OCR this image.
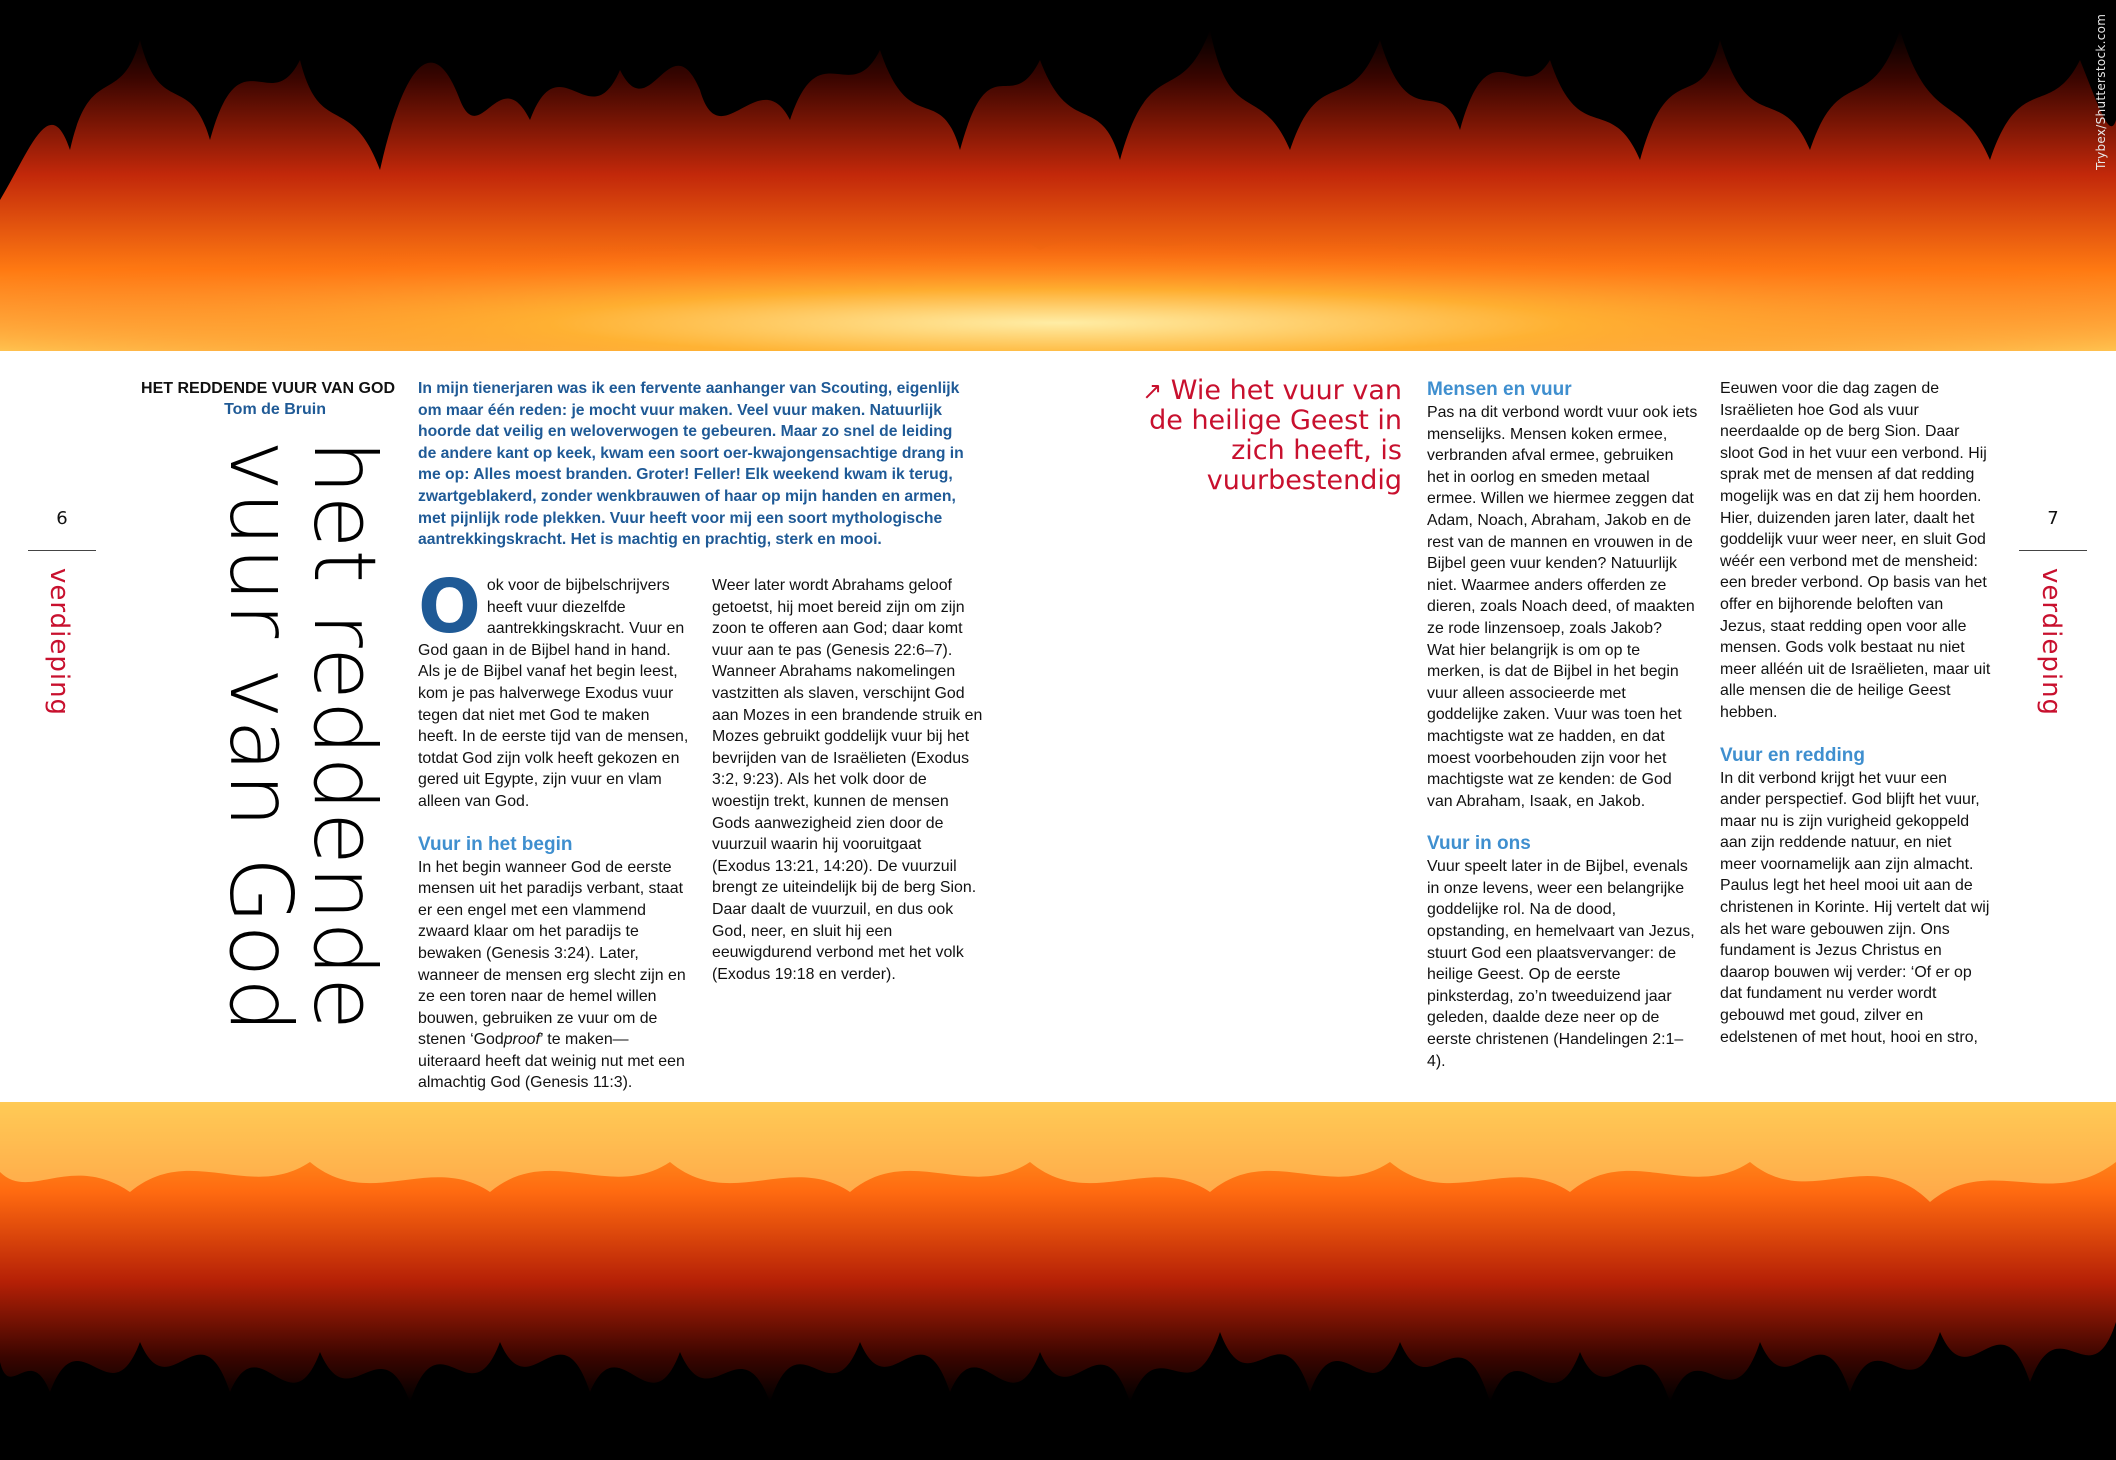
Trybex/Shutterstock.com
6
verdieping
HET REDDENDE VUUR VAN GOD
Tom de Bruin
het reddende
vuur van God
In mijn tienerjaren was ik een fervente aanhanger van Scouting, eigenlijk om maar één reden: je mocht vuur maken. Veel vuur maken. Natuurlijk hoorde dat veilig en weloverwogen te gebeuren. Maar zo snel de leiding de andere kant op keek, kwam een soort oer-kwajongensachtige drang in me op: Alles moest branden. Groter! Feller! Elk weekend kwam ik terug, zwartgeblakerd, zonder wenkbrauwen of haar op mijn handen en armen, met pijnlijk rode plekken. Vuur heeft voor mij een soort mythologische aantrekkingskracht. Het is machtig en prachtig, sterk en mooi.

Ook voor de bijbelschrijvers heeft vuur diezelfde aantrekkingskracht. Vuur en God gaan in de Bijbel hand in hand. Als je de Bijbel vanaf het begin leest, kom je pas halverwege Exodus vuur tegen dat niet met God te maken heeft. In de eerste tijd van de mensen, totdat God zijn volk heeft gekozen en gered uit Egypte, zijn vuur en vlam alleen van God.

Vuur in het begin

In het begin wanneer God de eerste mensen uit het paradijs verbant, staat er een engel met een vlammend zwaard klaar om het paradijs te bewaken (Genesis 3:24). Later, wanneer de mensen erg slecht zijn en ze een toren naar de hemel willen bouwen, gebruiken ze vuur om de stenen ‘Godproof’ te maken—uiteraard heeft dat weinig nut met een almachtig God (Genesis 11:3).

Weer later wordt Abrahams geloof getoetst, hij moet bereid zijn om zijn zoon te offeren aan God; daar komt vuur aan te pas (Genesis 22:6–7).

Wanneer Abrahams nakomelingen vastzitten als slaven, verschijnt God aan Mozes in een brandende struik en Mozes gebruikt goddelijk vuur bij het bevrijden van de Israëlieten (Exodus 3:2, 9:23). Als het volk door de woestijn trekt, kunnen de mensen Gods aanwezigheid zien door de vuurzuil waarin hij vooruitgaat (Exodus 13:21, 14:20). De vuurzuil brengt ze uiteindelijk bij de berg Sion. Daar daalt de vuurzuil, en dus ook God, neer, en sluit hij een eeuwigdurend verbond met het volk (Exodus 19:18 en verder).

↗ Wie het vuur van de heilige Geest in zich heeft, is vuurbestendig
Mensen en vuur

Pas na dit verbond wordt vuur ook iets menselijks. Mensen koken ermee, verbranden afval ermee, gebruiken het in oorlog en smeden metaal ermee. Willen we hiermee zeggen dat Adam, Noach, Abraham, Jakob en de rest van de mannen en vrouwen in de Bijbel geen vuur kenden? Natuurlijk niet. Waarmee anders offerden ze dieren, zoals Noach deed, of maakten ze rode linzensoep, zoals Jakob?

Wat hier belangrijk is om op te merken, is dat de Bijbel in het begin vuur alleen associeerde met goddelijke zaken. Vuur was toen het machtigste wat ze hadden, en dat moest voorbehouden zijn voor het machtigste wat ze kenden: de God van Abraham, Isaak, en Jakob.

Vuur in ons

Vuur speelt later in de Bijbel, evenals in onze levens, weer een belangrijke goddelijke rol. Na de dood, opstanding, en hemelvaart van Jezus, stuurt God een plaatsvervanger: de heilige Geest. Op de eerste pinksterdag, zo’n tweeduizend jaar geleden, daalde deze neer op de eerste christenen (Handelingen 2:1–4).

Eeuwen voor die dag zagen de Israëlieten hoe God als vuur neerdaalde op de berg Sion. Daar sloot God in het vuur een verbond. Hij sprak met de mensen af dat redding mogelijk was en dat zij hem hoorden. Hier, duizenden jaren later, daalt het goddelijk vuur weer neer, en sluit God wéér een verbond met de mensheid: een breder verbond. Op basis van het offer en bijhorende beloften van Jezus, staat redding open voor alle mensen. Gods volk bestaat nu niet meer alléén uit de Israëlieten, maar uit alle mensen die de heilige Geest hebben.

Vuur en redding

In dit verbond krijgt het vuur een ander perspectief. God blijft het vuur, maar nu is zijn vurigheid gekoppeld aan zijn reddende natuur, en niet meer voornamelijk aan zijn almacht. Paulus legt het heel mooi uit aan de christenen in Korinte. Hij vertelt dat wij als het ware gebouwen zijn. Ons fundament is Jezus Christus en daarop bouwen wij verder: ‘Of er op dat fundament nu verder wordt gebouwd met goud, zilver en edelstenen of met hout, hooi en stro,

7
verdieping
